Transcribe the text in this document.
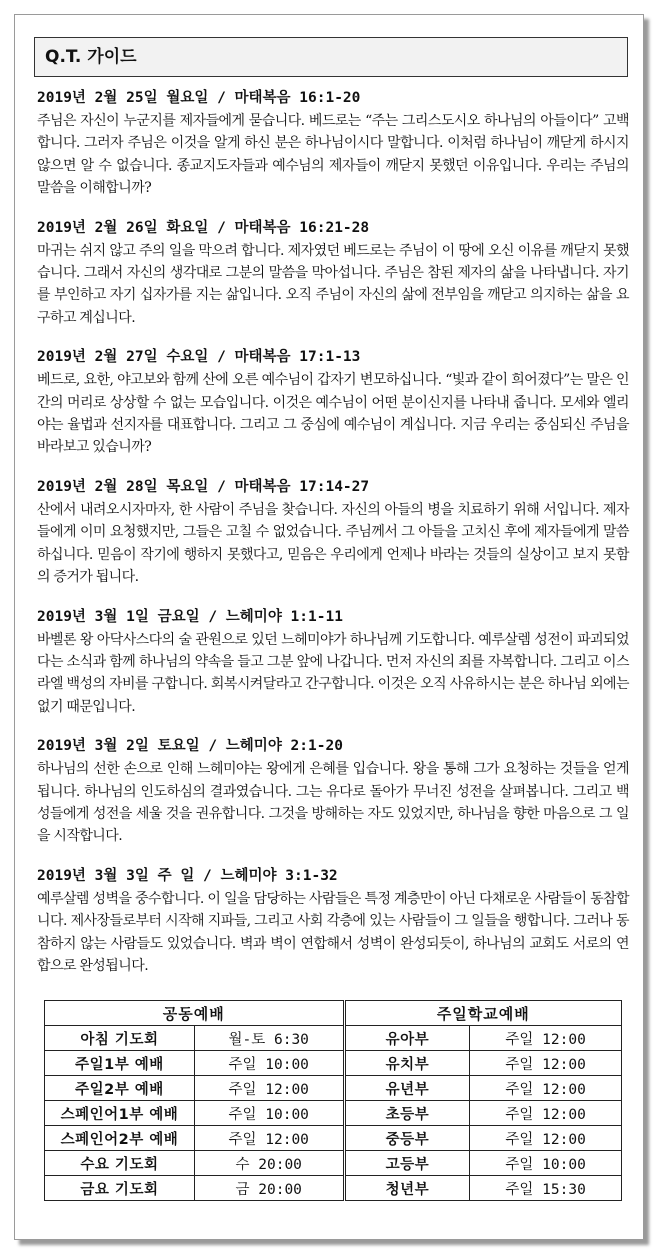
Q.T. 가이드
2019년 2월 25일 월요일 / 마태복음 16:1-20
주님은 자신이 누군지를 제자들에게 묻습니다. 베드로는 “주는 그리스도시오 하나님의 아들이다” 고백합니다. 그러자 주님은 이것을 알게 하신 분은 하나님이시다 말합니다. 이처럼 하나님이 깨닫게 하시지 않으면 알 수 없습니다. 종교지도자들과 예수님의 제자들이 깨닫지 못했던 이유입니다. 우리는 주님의 말씀을 이해합니까?
2019년 2월 26일 화요일 / 마태복음 16:21-28
마귀는 쉬지 않고 주의 일을 막으려 합니다. 제자였던 베드로는 주님이 이 땅에 오신 이유를 깨닫지 못했습니다. 그래서 자신의 생각대로 그분의 말씀을 막아섭니다. 주님은 참된 제자의 삶을 나타냅니다. 자기를 부인하고 자기 십자가를 지는 삶입니다. 오직 주님이 자신의 삶에 전부임을 깨닫고 의지하는 삶을 요구하고 계십니다.
2019년 2월 27일 수요일 / 마태복음 17:1-13
베드로, 요한, 야고보와 함께 산에 오른 예수님이 갑자기 변모하십니다. “빛과 같이 희어졌다”는 말은 인간의 머리로 상상할 수 없는 모습입니다. 이것은 예수님이 어떤 분이신지를 나타내 줍니다. 모세와 엘리야는 율법과 선지자를 대표합니다. 그리고 그 중심에 예수님이 계십니다. 지금 우리는 중심되신 주님을 바라보고 있습니까?
2019년 2월 28일 목요일 / 마태복음 17:14-27
산에서 내려오시자마자, 한 사람이 주님을 찾습니다. 자신의 아들의 병을 치료하기 위해 서입니다. 제자들에게 이미 요청했지만, 그들은 고칠 수 없었습니다. 주님께서 그 아들을 고치신 후에 제자들에게 말씀하십니다. 믿음이 작기에 행하지 못했다고, 믿음은 우리에게 언제나 바라는 것들의 실상이고 보지 못함의 증거가 됩니다.
2019년 3월 1일 금요일 / 느헤미야 1:1-11
바벨론 왕 아닥사스다의 술 관원으로 있던 느헤미야가 하나님께 기도합니다. 예루살렘 성전이 파괴되었다는 소식과 함께 하나님의 약속을 들고 그분 앞에 나갑니다. 먼저 자신의 죄를 자복합니다. 그리고 이스라엘 백성의 자비를 구합니다. 회복시켜달라고 간구합니다. 이것은 오직 사유하시는 분은 하나님 외에는 없기 때문입니다.
2019년 3월 2일 토요일 / 느헤미야 2:1-20
하나님의 선한 손으로 인해 느헤미야는 왕에게 은혜를 입습니다. 왕을 통해 그가 요청하는 것들을 얻게 됩니다. 하나님의 인도하심의 결과였습니다. 그는 유다로 돌아가 무너진 성전을 살펴봅니다. 그리고 백성들에게 성전을 세울 것을 권유합니다. 그것을 방해하는 자도 있었지만, 하나님을 향한 마음으로 그 일을 시작합니다.
2019년 3월 3일 주 일 / 느헤미야 3:1-32
예루살렘 성벽을 중수합니다. 이 일을 담당하는 사람들은 특정 계층만이 아닌 다채로운 사람들이 동참합니다. 제사장들로부터 시작해 지파들, 그리고 사회 각층에 있는 사람들이 그 일들을 행합니다. 그러나 동참하지 않는 사람들도 있었습니다. 벽과 벽이 연합해서 성벽이 완성되듯이, 하나님의 교회도 서로의 연합으로 완성됩니다.
공동예배		주일학교예배	
아침 기도회	월-토 6:30	유아부	주일 12:00
주일1부 예배	주일 10:00	유치부	주일 12:00
주일2부 예배	주일 12:00	유년부	주일 12:00
스페인어1부 예배	주일 10:00	초등부	주일 12:00
스페인어2부 예배	주일 12:00	중등부	주일 12:00
수요 기도회	수 20:00	고등부	주일 10:00
금요 기도회	금 20:00	청년부	주일 15:30
